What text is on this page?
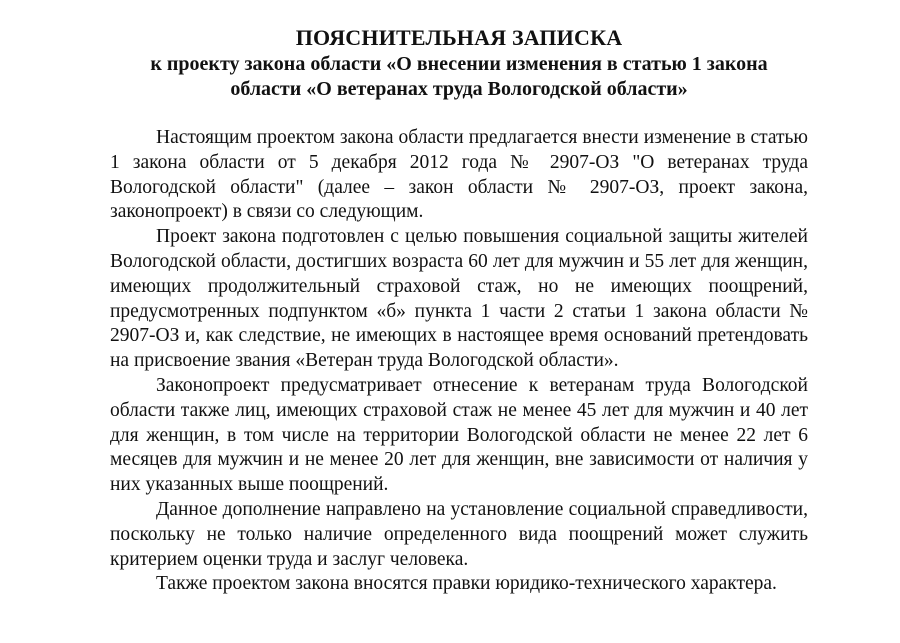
ПОЯСНИТЕЛЬНАЯ ЗАПИСКА

к проекту закона области «О внесении изменения в статью 1 закона
области «О ветеранах труда Вологодской области»

Настоящим проектом закона области предлагается внести изменение в статью 1 закона области от 5 декабря 2012 года № 2907-ОЗ "О ветеранах труда Вологодской области" (далее – закон области № 2907-ОЗ, проект закона, законопроект) в связи со следующим.

Проект закона подготовлен с целью повышения социальной защиты жителей Вологодской области, достигших возраста 60 лет для мужчин и 55 лет для женщин, имеющих продолжительный страховой стаж, но не имеющих поощрений, предусмотренных подпунктом «б» пункта 1 части 2 статьи 1 закона области № 2907-ОЗ и, как следствие, не имеющих в настоящее время оснований претендовать на присвоение звания «Ветеран труда Вологодской области».

Законопроект предусматривает отнесение к ветеранам труда Вологодской области также лиц, имеющих страховой стаж не менее 45 лет для мужчин и 40 лет для женщин, в том числе на территории Вологодской области не менее 22 лет 6 месяцев для мужчин и не менее 20 лет для женщин, вне зависимости от наличия у них указанных выше поощрений.

Данное дополнение направлено на установление социальной справедливости, поскольку не только наличие определенного вида поощрений может служить критерием оценки труда и заслуг человека.

Также проектом закона вносятся правки юридико-технического характера.
